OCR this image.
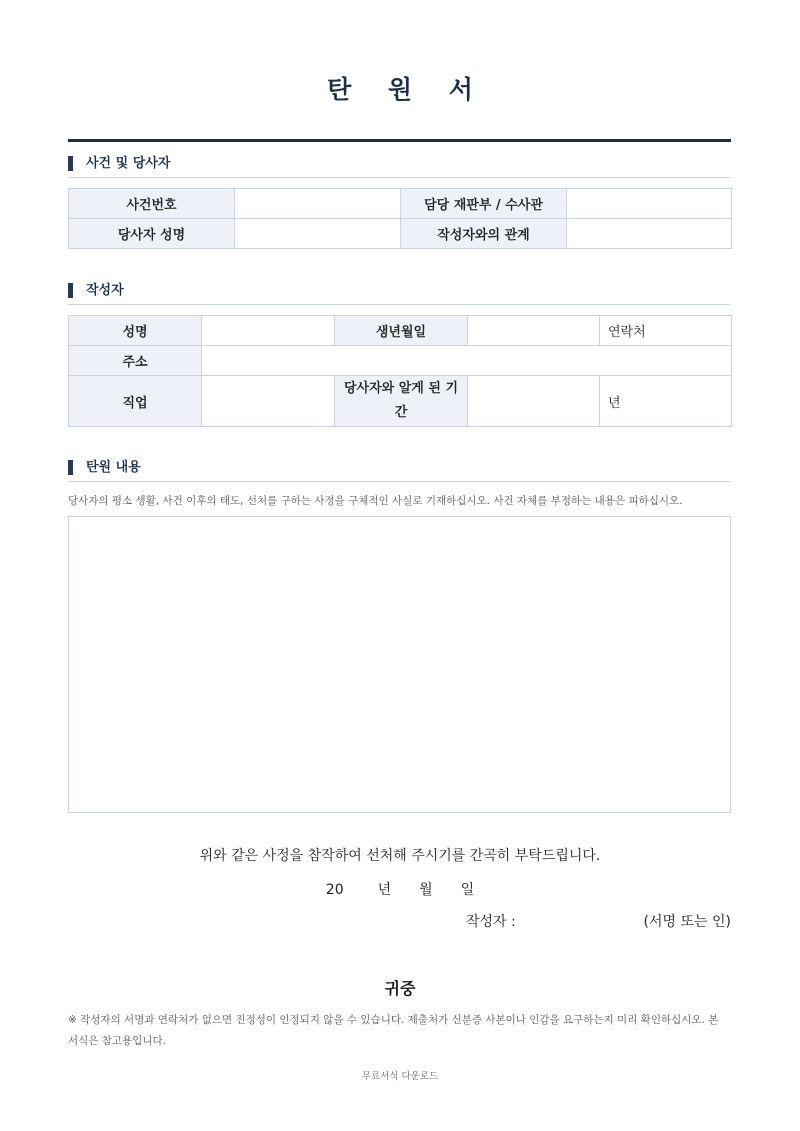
탄 원 서
사건 및 당사자
사건번호		담당 재판부 / 수사관	
당사자 성명		작성자와의 관계	
작성자
성명		생년월일		연락처
주소				
직업		당사자와 알게 된 기간		년
탄원 내용
당사자의 평소 생활, 사건 이후의 태도, 선처를 구하는 사정을 구체적인 사실로 기재하십시오. 사건 자체를 부정하는 내용은 피하십시오.
위와 같은 사정을 참작하여 선처해 주시기를 간곡히 부탁드립니다.
20 년 월 일
작성자 :	(서명 또는 인)
귀중
※ 작성자의 서명과 연락처가 없으면 진정성이 인정되지 않을 수 있습니다. 제출처가 신분증 사본이나 인감을 요구하는지 미리 확인하십시오. 본 서식은 참고용입니다.
무료서식 다운로드
